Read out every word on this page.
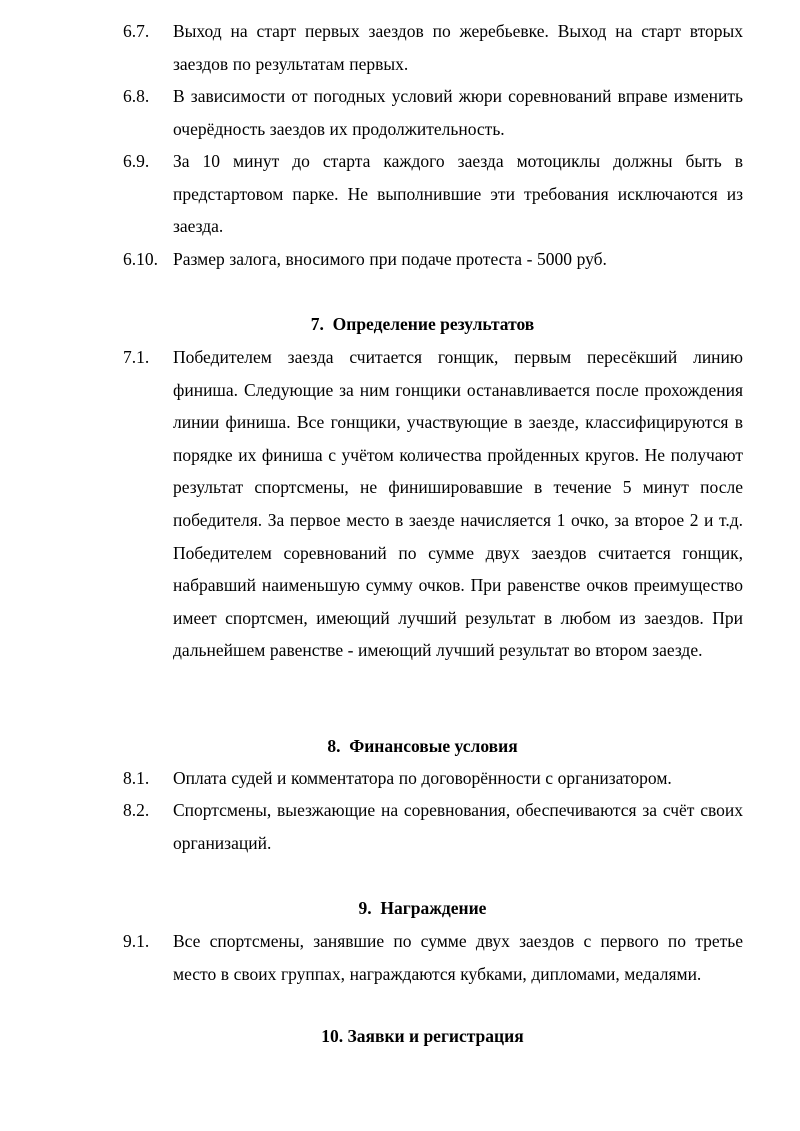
6.7. Выход на старт первых заездов по жеребьевке. Выход на старт вторых заездов по результатам первых.
6.8. В зависимости от погодных условий жюри соревнований вправе изменить очерёдность заездов их продолжительность.
6.9. За 10 минут до старта каждого заезда мотоциклы должны быть в предстартовом парке. Не выполнившие эти требования исключаются из заезда.
6.10. Размер залога, вносимого при подаче протеста - 5000 руб.
7.  Определение результатов
7.1. Победителем заезда считается гонщик, первым пересёкший линию финиша. Следующие за ним гонщики останавливается после прохождения линии финиша. Все гонщики, участвующие в заезде, классифицируются в порядке их финиша с учётом количества пройденных кругов. Не получают результат спортсмены, не финишировавшие в течение 5 минут после победителя. За первое место в заезде начисляется 1 очко, за второе 2 и т.д. Победителем соревнований по сумме двух заездов считается гонщик, набравший наименьшую сумму очков. При равенстве очков преимущество имеет спортсмен, имеющий лучший результат в любом из заездов. При дальнейшем равенстве - имеющий лучший результат во втором заезде.
8.  Финансовые условия
8.1. Оплата судей и комментатора по договорённости с организатором.
8.2. Спортсмены, выезжающие на соревнования, обеспечиваются за счёт своих организаций.
9.  Награждение
9.1. Все спортсмены, занявшие по сумме двух заездов с первого по третье место в своих группах, награждаются кубками, дипломами, медалями.
10. Заявки и регистрация
